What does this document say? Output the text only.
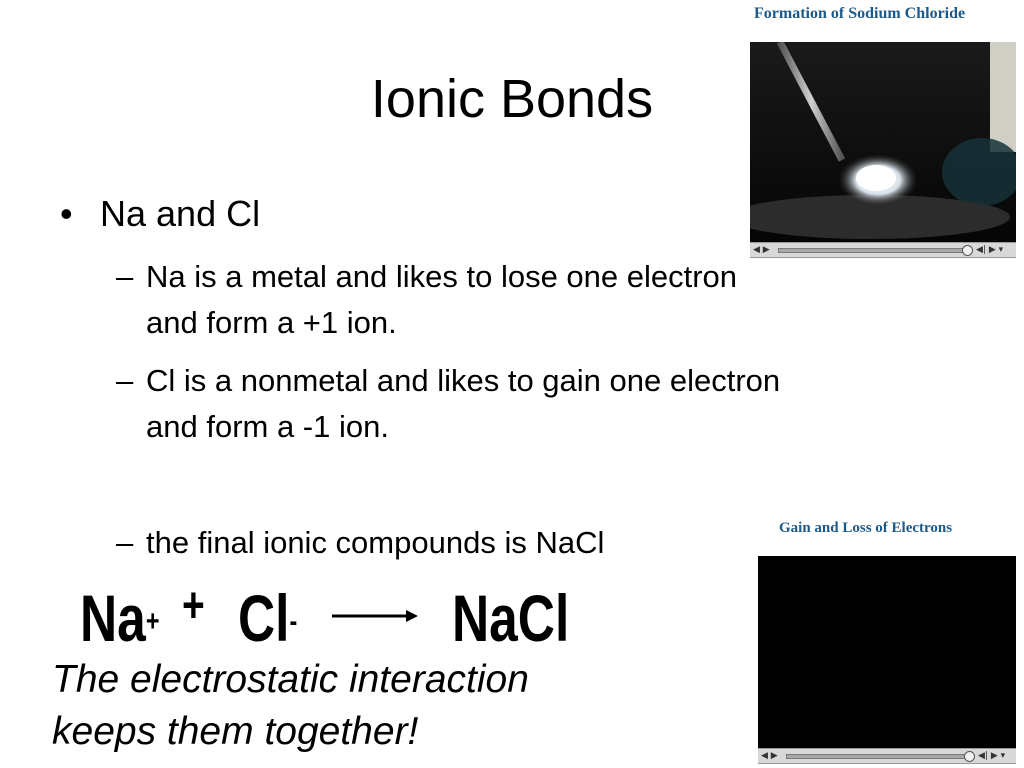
Ionic Bonds
• Na and Cl
– Na is a metal and likes to lose one electron
and form a +1 ion.
– Cl is a nonmetal and likes to gain one electron
and form a -1 ion.
– the final ionic compounds is NaCl
Na+ + Cl- NaCl
The electrostatic interaction
keeps them together!
Formation of Sodium Chloride
◀ ▶	◀| ▶ ▾
Gain and Loss of Electrons
◀ ▶	◀| ▶ ▾
